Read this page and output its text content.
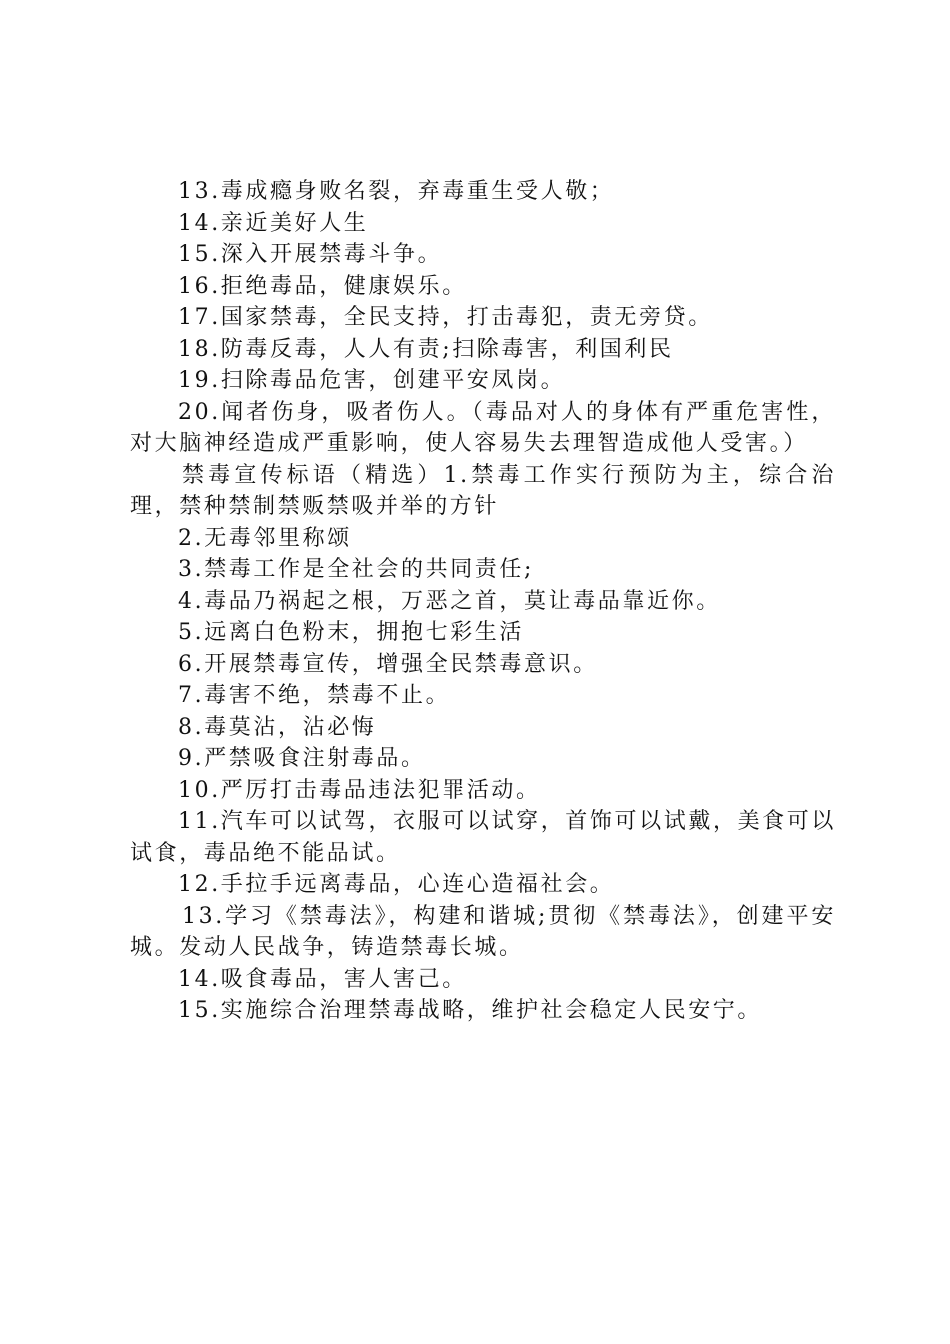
13.毒成瘾身败名裂，弃毒重生受人敬；

14.亲近美好人生

15.深入开展禁毒斗争。

16.拒绝毒品，健康娱乐。

17.国家禁毒，全民支持，打击毒犯，责无旁贷。

18.防毒反毒，人人有责;扫除毒害，利国利民

19.扫除毒品危害，创建平安凤岗。

20.闻者伤身，吸者伤人。（毒品对人的身体有严重危害性，对大脑神经造成严重影响，使人容易失去理智造成他人受害。）

禁毒宣传标语（精选）1.禁毒工作实行预防为主，综合治理，禁种禁制禁贩禁吸并举的方针

2.无毒邻里称颂

3.禁毒工作是全社会的共同责任;

4.毒品乃祸起之根，万恶之首，莫让毒品靠近你。

5.远离白色粉末，拥抱七彩生活

6.开展禁毒宣传，增强全民禁毒意识。

7.毒害不绝，禁毒不止。

8.毒莫沾，沾必悔

9.严禁吸食注射毒品。

10.严厉打击毒品违法犯罪活动。

11.汽车可以试驾，衣服可以试穿，首饰可以试戴，美食可以试食，毒品绝不能品试。

12.手拉手远离毒品，心连心造福社会。

13.学习《禁毒法》，构建和谐城;贯彻《禁毒法》，创建平安城。发动人民战争，铸造禁毒长城。

14.吸食毒品，害人害己。

15.实施综合治理禁毒战略，维护社会稳定人民安宁。
